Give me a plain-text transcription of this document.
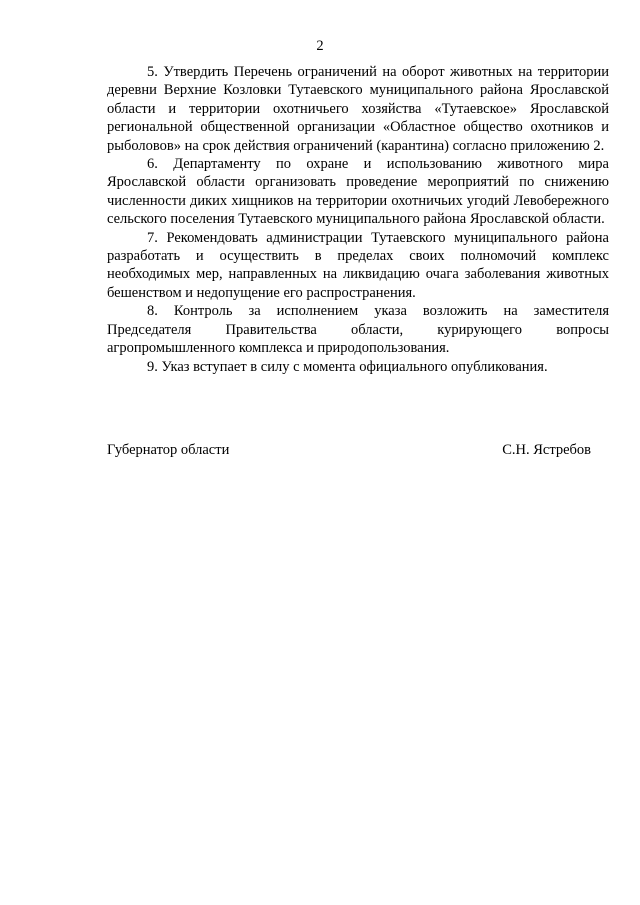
2

5. Утвердить Перечень ограничений на оборот животных на территории деревни Верхние Козловки Тутаевского муниципального района Ярославской области и территории охотничьего хозяйства «Тутаевское» Ярославской региональной общественной организации «Областное общество охотников и рыболовов» на срок действия ограничений (карантина) согласно приложению 2.

6. Департаменту по охране и использованию животного мира Ярославской области организовать проведение мероприятий по снижению численности диких хищников на территории охотничьих угодий Левобережного сельского поселения Тутаевского муниципального района Ярославской области.

7. Рекомендовать администрации Тутаевского муниципального района разработать и осуществить в пределах своих полномочий комплекс необходимых мер, направленных на ликвидацию очага заболевания животных бешенством и недопущение его распространения.

8. Контроль за исполнением указа возложить на заместителя Председателя Правительства области, курирующего вопросы агропромышленного комплекса и природопользования.

9. Указ вступает в силу с момента официального опубликования.

Губернатор области	С.Н. Ястребов
